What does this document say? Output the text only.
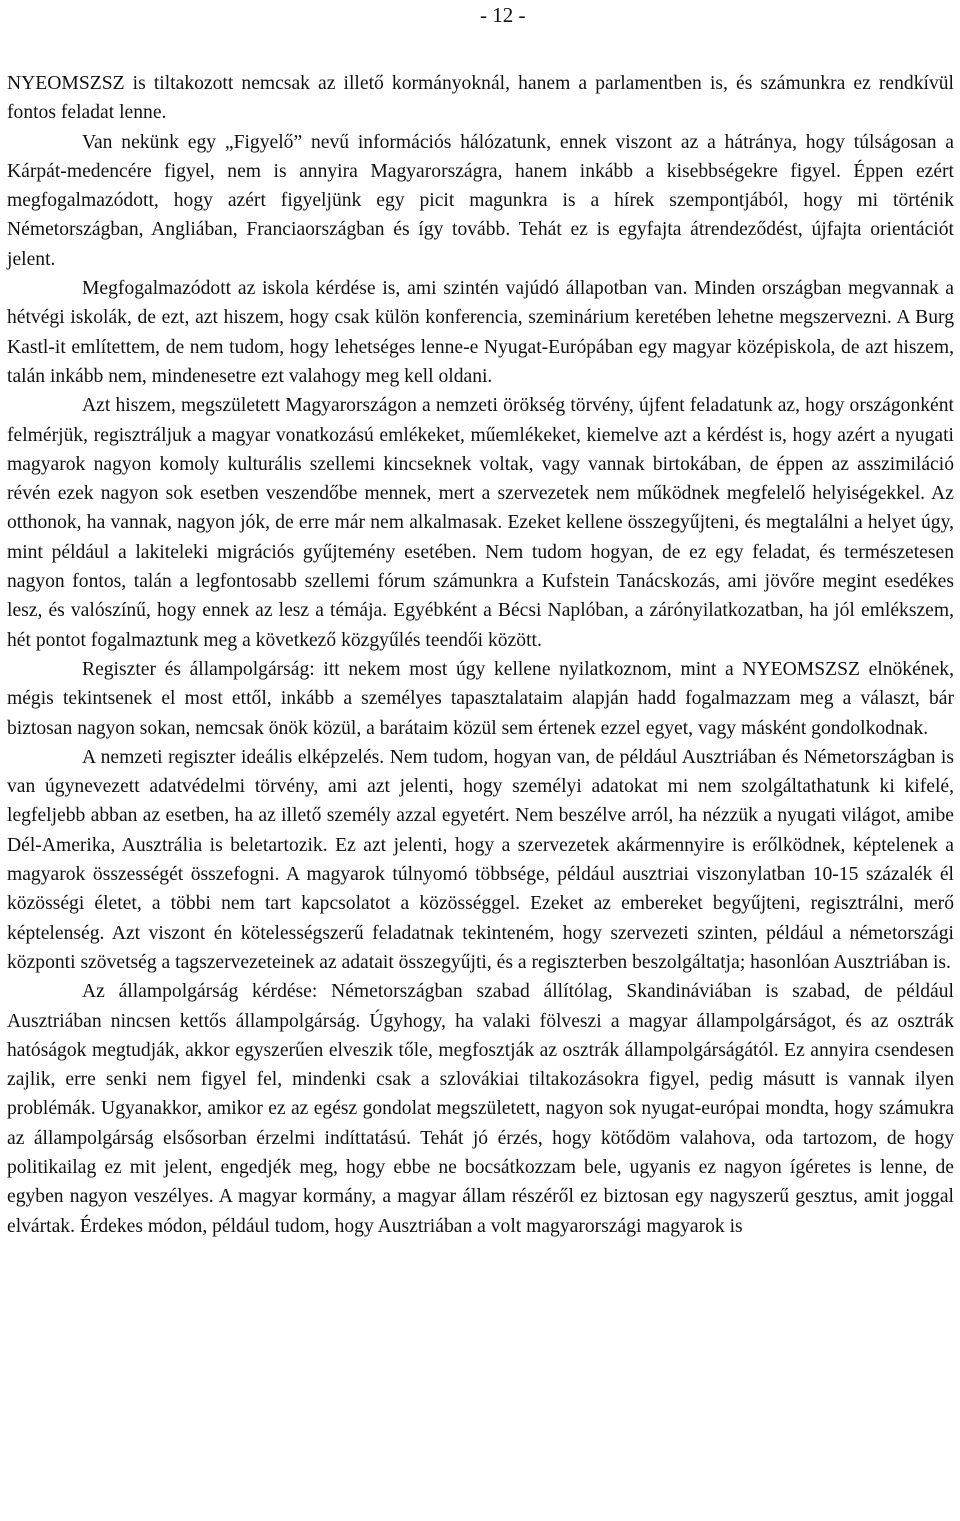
- 12 -

NYEOMSZSZ is tiltakozott nemcsak az illető kormányoknál, hanem a parlamentben is, és számunkra ez rendkívül fontos feladat lenne.

Van nekünk egy „Figyelő” nevű információs hálózatunk, ennek viszont az a hátránya, hogy túlságosan a Kárpát-medencére figyel, nem is annyira Magyarországra, hanem inkább a kisebbségekre figyel. Éppen ezért megfogalmazódott, hogy azért figyeljünk egy picit magunkra is a hírek szempontjából, hogy mi történik Németországban, Angliában, Franciaországban és így tovább. Tehát ez is egyfajta átrendeződést, újfajta orientációt jelent.

Megfogalmazódott az iskola kérdése is, ami szintén vajúdó állapotban van. Minden országban megvannak a hétvégi iskolák, de ezt, azt hiszem, hogy csak külön konferencia, szeminárium keretében lehetne megszervezni. A Burg Kastl-it említettem, de nem tudom, hogy lehetséges lenne-e Nyugat-Európában egy magyar középiskola, de azt hiszem, talán inkább nem, mindenesetre ezt valahogy meg kell oldani.

Azt hiszem, megszületett Magyarországon a nemzeti örökség törvény, újfent feladatunk az, hogy országonként felmérjük, regisztráljuk a magyar vonatkozású emlékeket, műemlékeket, kiemelve azt a kérdést is, hogy azért a nyugati magyarok nagyon komoly kulturális szellemi kincseknek voltak, vagy vannak birtokában, de éppen az asszimiláció révén ezek nagyon sok esetben veszendőbe mennek, mert a szervezetek nem működnek megfelelő helyiségekkel. Az otthonok, ha vannak, nagyon jók, de erre már nem alkalmasak. Ezeket kellene összegyűjteni, és megtalálni a helyet úgy, mint például a lakiteleki migrációs gyűjtemény esetében. Nem tudom hogyan, de ez egy feladat, és természetesen nagyon fontos, talán a legfontosabb szellemi fórum számunkra a Kufstein Tanácskozás, ami jövőre megint esedékes lesz, és valószínű, hogy ennek az lesz a témája. Egyébként a Bécsi Naplóban, a zárónyilatkozatban, ha jól emlékszem, hét pontot fogalmaztunk meg a következő közgyűlés teendői között.

Regiszter és állampolgárság: itt nekem most úgy kellene nyilatkoznom, mint a NYEOMSZSZ elnökének, mégis tekintsenek el most ettől, inkább a személyes tapasztalataim alapján hadd fogalmazzam meg a választ, bár biztosan nagyon sokan, nemcsak önök közül, a barátaim közül sem értenek ezzel egyet, vagy másként gondolkodnak.

A nemzeti regiszter ideális elképzelés. Nem tudom, hogyan van, de például Ausztriában és Németországban is van úgynevezett adatvédelmi törvény, ami azt jelenti, hogy személyi adatokat mi nem szolgáltathatunk ki kifelé, legfeljebb abban az esetben, ha az illető személy azzal egyetért. Nem beszélve arról, ha nézzük a nyugati világot, amibe Dél-Amerika, Ausztrália is beletartozik. Ez azt jelenti, hogy a szervezetek akármennyire is erőlködnek, képtelenek a magyarok összességét összefogni. A magyarok túlnyomó többsége, például ausztriai viszonylatban 10-15 százalék él közösségi életet, a többi nem tart kapcsolatot a közösséggel. Ezeket az embereket begyűjteni, regisztrálni, merő képtelenség. Azt viszont én kötelességszerű feladatnak tekinteném, hogy szervezeti szinten, például a németországi központi szövetség a tagszervezeteinek az adatait összegyűjti, és a regiszterben beszolgáltatja; hasonlóan Ausztriában is.

Az állampolgárság kérdése: Németországban szabad állítólag, Skandináviában is szabad, de például Ausztriában nincsen kettős állampolgárság. Úgyhogy, ha valaki fölveszi a magyar állampolgárságot, és az osztrák hatóságok megtudják, akkor egyszerűen elveszik tőle, megfosztják az osztrák állampolgárságától. Ez annyira csendesen zajlik, erre senki nem figyel fel, mindenki csak a szlovákiai tiltakozásokra figyel, pedig másutt is vannak ilyen problémák. Ugyanakkor, amikor ez az egész gondolat megszületett, nagyon sok nyugat-európai mondta, hogy számukra az állampolgárság elsősorban érzelmi indíttatású. Tehát jó érzés, hogy kötődöm valahova, oda tartozom, de hogy politikailag ez mit jelent, engedjék meg, hogy ebbe ne bocsátkozzam bele, ugyanis ez nagyon ígéretes is lenne, de egyben nagyon veszélyes. A magyar kormány, a magyar állam részéről ez biztosan egy nagyszerű gesztus, amit joggal elvártak. Érdekes módon, például tudom, hogy Ausztriában a volt magyarországi magyarok is
